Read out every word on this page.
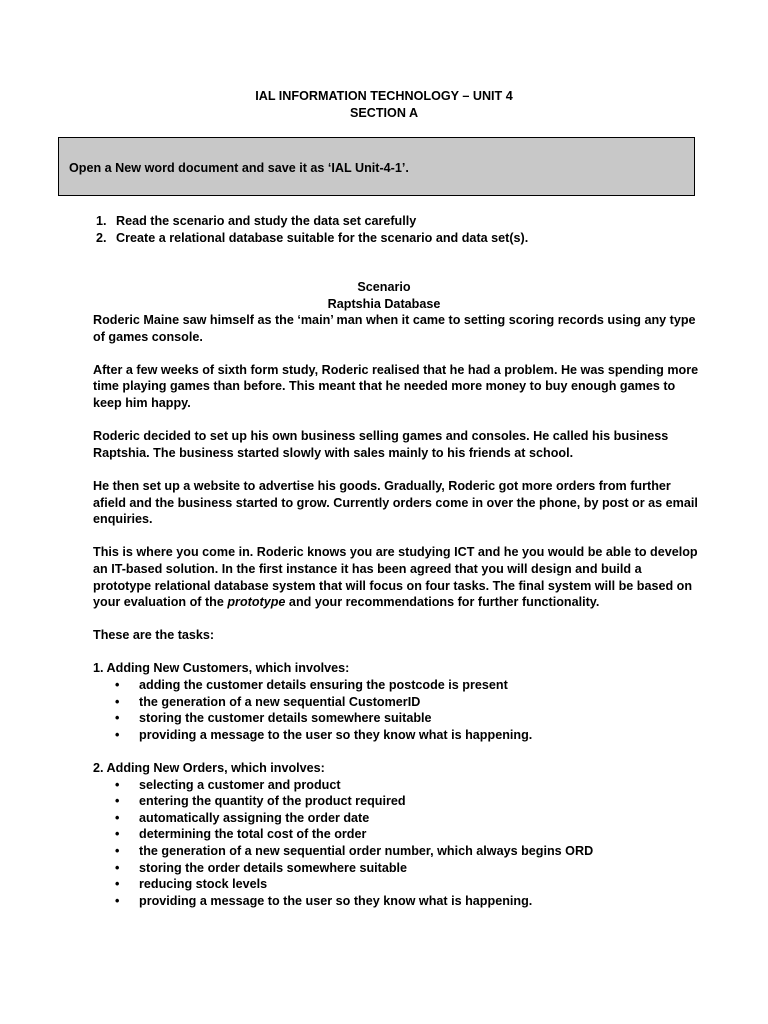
IAL INFORMATION TECHNOLOGY – UNIT 4
SECTION A
Open a New word document and save it as ‘IAL Unit-4-1’.
1. Read the scenario and study the data set carefully
2. Create a relational database suitable for the scenario and data set(s).
Scenario
Raptshia Database

Roderic Maine saw himself as the ‘main’ man when it came to setting scoring records using any type of games console.

After a few weeks of sixth form study, Roderic realised that he had a problem. He was spending more time playing games than before. This meant that he needed more money to buy enough games to keep him happy.

Roderic decided to set up his own business selling games and consoles. He called his business Raptshia. The business started slowly with sales mainly to his friends at school.

He then set up a website to advertise his goods. Gradually, Roderic got more orders from further afield and the business started to grow. Currently orders come in over the phone, by post or as email enquiries.

This is where you come in. Roderic knows you are studying ICT and he you would be able to develop an IT-based solution. In the first instance it has been agreed that you will design and build a prototype relational database system that will focus on four tasks. The final system will be based on your evaluation of the prototype and your recommendations for further functionality.

These are the tasks:

1. Adding New Customers, which involves:
• adding the customer details ensuring the postcode is present
• the generation of a new sequential CustomerID
• storing the customer details somewhere suitable
• providing a message to the user so they know what is happening.
2. Adding New Orders, which involves:
• selecting a customer and product
• entering the quantity of the product required
• automatically assigning the order date
• determining the total cost of the order
• the generation of a new sequential order number, which always begins ORD
• storing the order details somewhere suitable
• reducing stock levels
• providing a message to the user so they know what is happening.
